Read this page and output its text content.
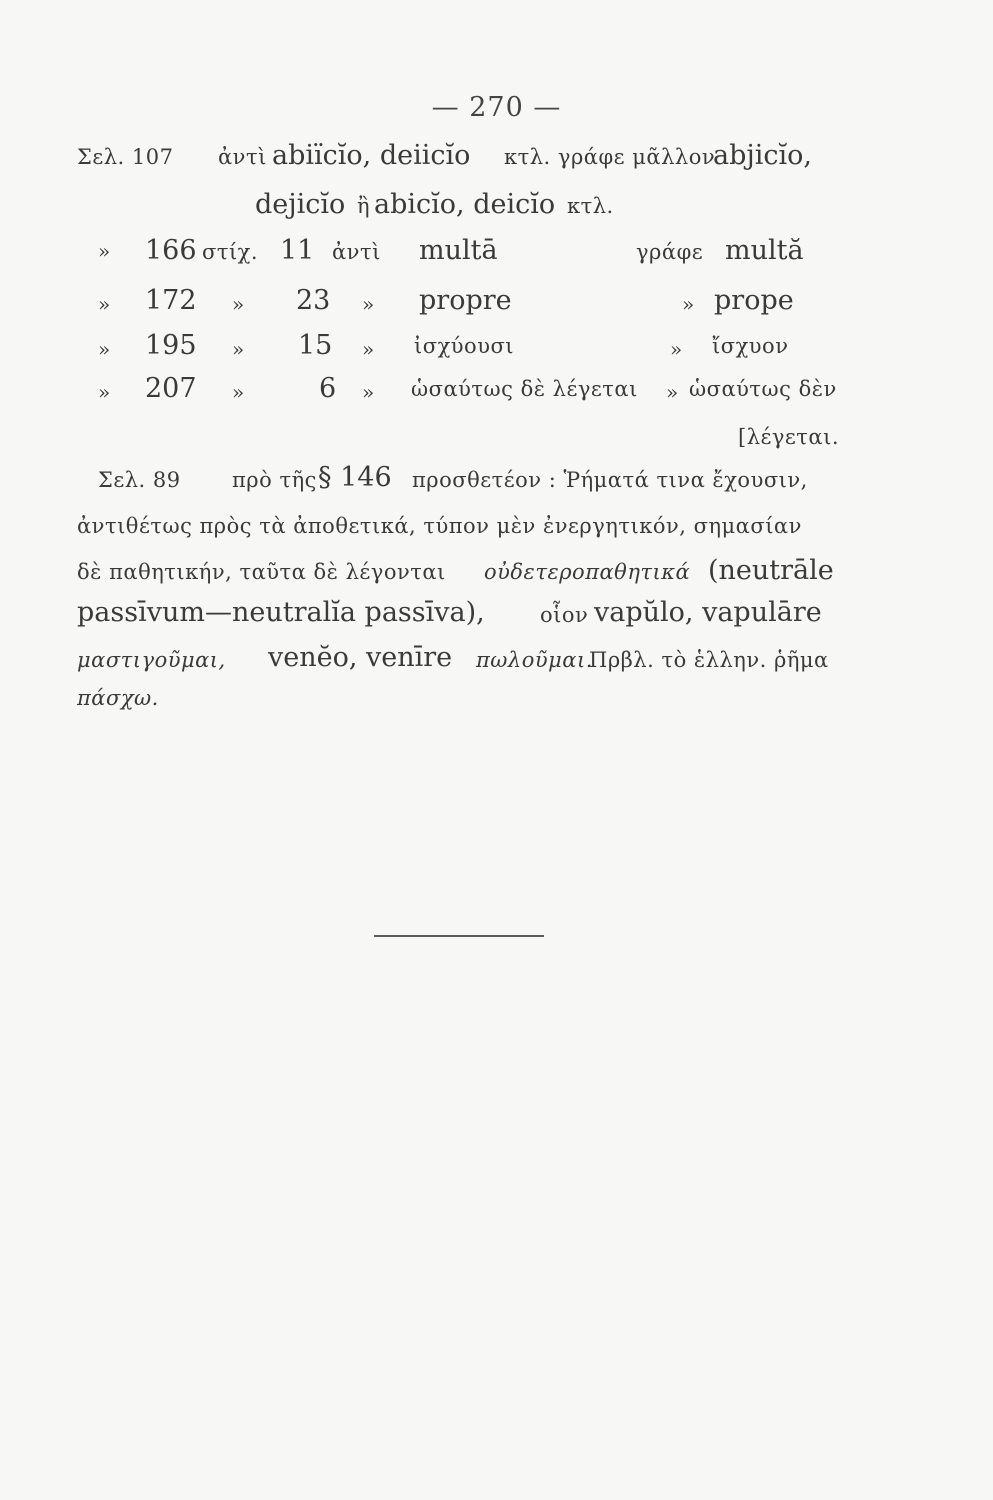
— 270 —
Σελ. 107 ἀντὶ abiïcĭo, deiicĭo κτλ. γράφε μᾶλλον
abjicĭo,
dejicĭo ἢ abicĭo, deicĭo κτλ.
» 166 στίχ. 11 ἀντὶ multā	γράφε multă
» 172 » 23 » propre	» prope
» 195 » 15 » ἰσχύουσι	» ἴσχυον
» 207 »	6 » ὡσαύτως δὲ λέγεται » ὡσαύτως δὲν
[λέγεται.
Σελ. 89 πρὸ τῆς § 146 προσθετέον : Ῥήματά τινα ἔχουσιν,
ἀντιθέτως πρὸς τὰ ἀποθετικά, τύπον μὲν ἐνεργητικόν, σημασίαν
δὲ παθητικήν, ταῦτα δὲ λέγονται οὐδετεροπαθητικά (neutrāle
passīvum—neutralĭa passīva),	οἷον vapŭlo, vapulāre
μαστιγοῦμαι, venĕo, venīre πωλοῦμαι.
Πρβλ. τὸ ἑλλην. ῥῆμα
πάσχω.
